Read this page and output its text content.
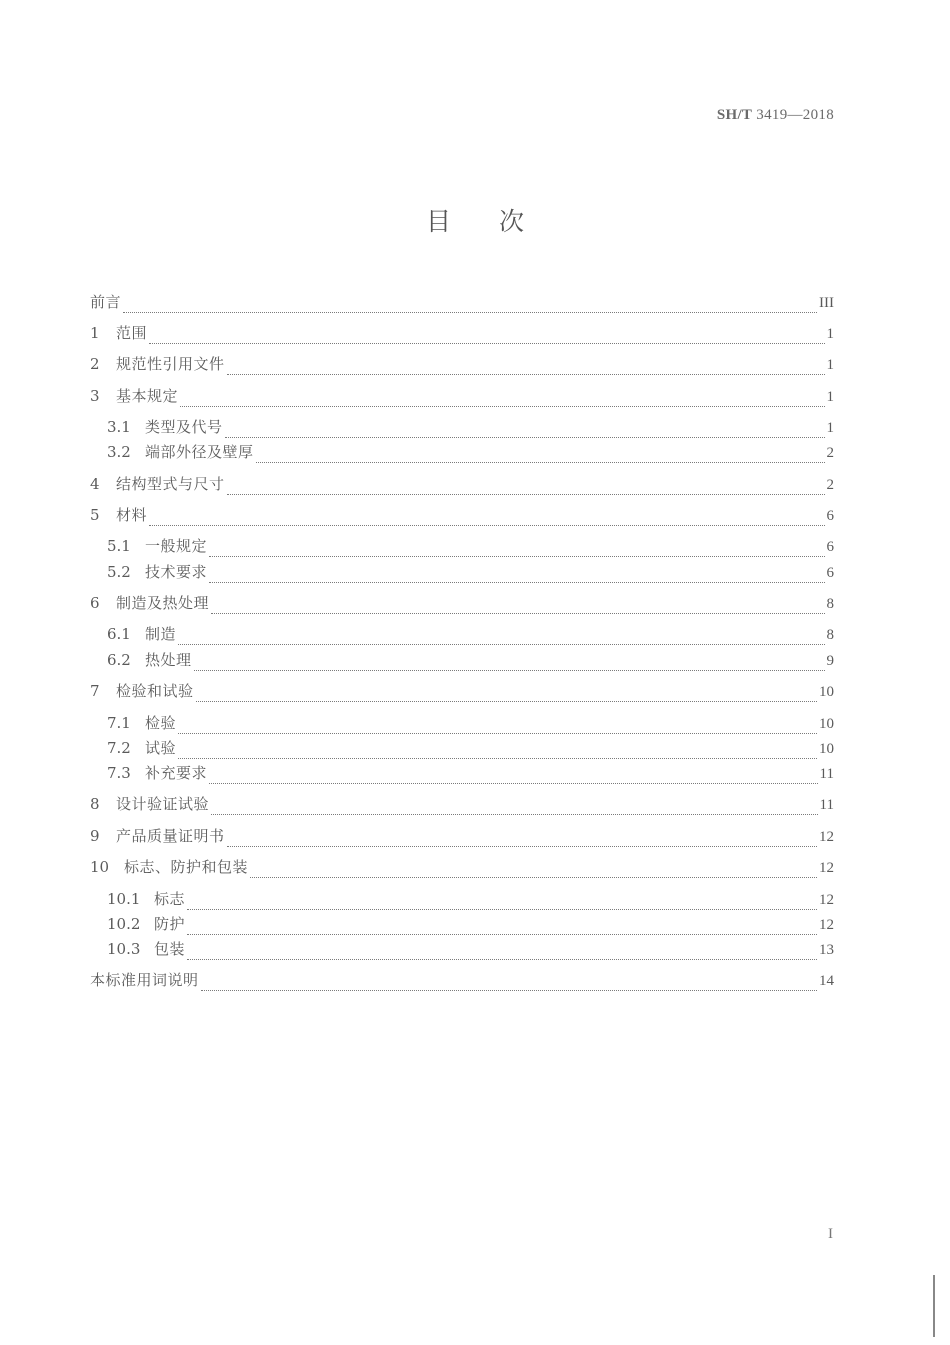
SH/T 3419—2018
目次
前言	III
1	范围	1
2	规范性引用文件	1
3	基本规定	1
3.1 类型及代号	1
3.2 端部外径及壁厚	2
4	结构型式与尺寸	2
5	材料	6
5.1 一般规定	6
5.2 技术要求	6
6	制造及热处理	8
6.1 制造	8
6.2 热处理	9
7	检验和试验	10
7.1 检验	10
7.2 试验	10
7.3 补充要求	11
8	设计验证试验	11
9	产品质量证明书	12
10 标志、防护和包装	12
10.1 标志	12
10.2 防护	12
10.3 包装	13
本标准用词说明	14
I
